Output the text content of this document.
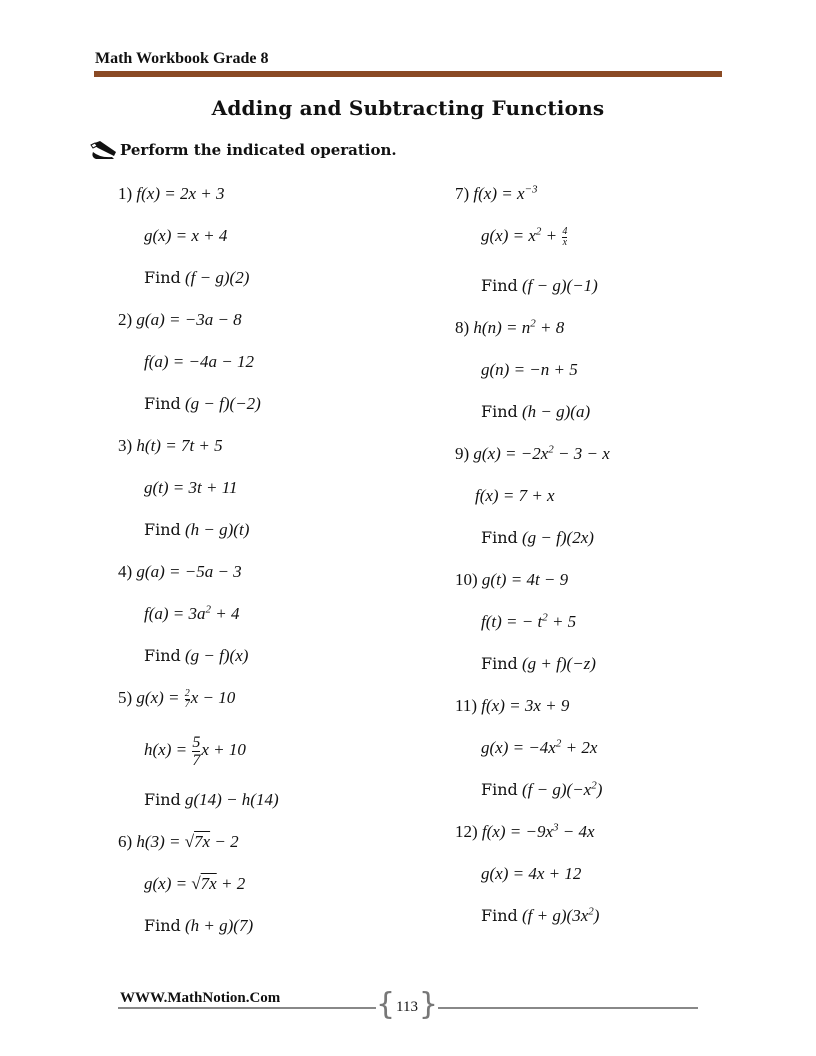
Math Workbook Grade 8
Adding and Subtracting Functions
Perform the indicated operation.
1) f(x) = 2x + 3
g(x) = x + 4
Find (f − g)(2)
2) g(a) = −3a − 8
f(a) = −4a − 12
Find (g − f)(−2)
3) h(t) = 7t + 5
g(t) = 3t + 11
Find (h − g)(t)
4) g(a) = −5a − 3
$f(a) = 3a^2 + 4$
Find (g − f)(x)
5) $g(x) = \frac{2}{7}$ x − 10
$h(x) = \frac{5}{7}$ x + 10
Find g(14) − h(14)
6) h(3) = √7x − 2
g(x) = √7x + 2
Find (h + g)(7)
7) $f(x) = x^{-3}$
$g(x) = x^2 + \frac{4}{x}$
Find (f − g)(−1)
8) $h(n) = n^2 + 8$
g(n) = −n + 5
Find (h − g)(a)
9) $g(x) = -2x^2 - 3 - x$
f(x) = 7 + x
Find (g − f)(2x)
10) g(t) = 4t − 9
f(t) = − $t^2 + 5$
Find (g + f)(−z)
11) f(x) = 3x + 9
$g(x) = -4x^2 + 2x$
Find $(f - g)(-x^2)$
12) $f(x) = -9x^3 - 4x$
g(x) = 4x + 12
Find $(f + g)(3x^2)$
WWW.MathNotion.Com	{ 113 }
